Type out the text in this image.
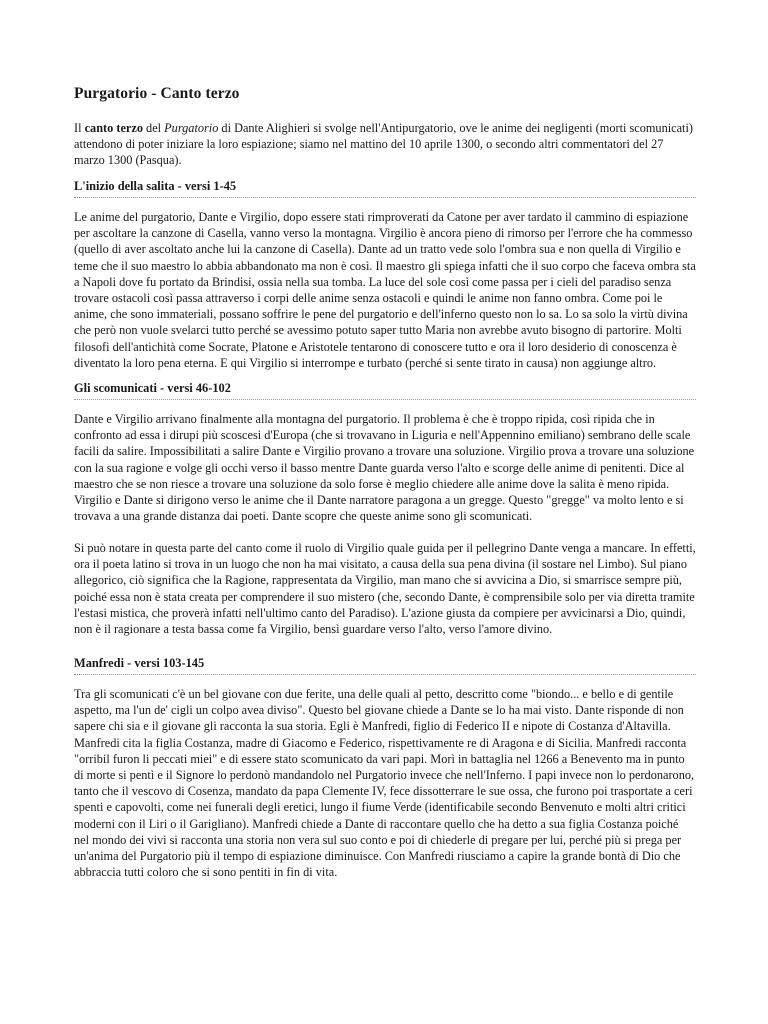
Purgatorio - Canto terzo

Il canto terzo del Purgatorio di Dante Alighieri si svolge nell'Antipurgatorio, ove le anime dei negligenti (morti scomunicati) attendono di poter iniziare la loro espiazione; siamo nel mattino del 10 aprile 1300, o secondo altri commentatori del 27 marzo 1300 (Pasqua).

L'inizio della salita - versi 1-45

Le anime del purgatorio, Dante e Virgilio, dopo essere stati rimproverati da Catone per aver tardato il cammino di espiazione per ascoltare la canzone di Casella, vanno verso la montagna. Virgilio è ancora pieno di rimorso per l'errore che ha commesso (quello di aver ascoltato anche lui la canzone di Casella). Dante ad un tratto vede solo l'ombra sua e non quella di Virgilio e teme che il suo maestro lo abbia abbandonato ma non è così. Il maestro gli spiega infatti che il suo corpo che faceva ombra sta a Napoli dove fu portato da Brindisi, ossia nella sua tomba. La luce del sole così come passa per i cieli del paradiso senza trovare ostacoli così passa attraverso i corpi delle anime senza ostacoli e quindi le anime non fanno ombra. Come poi le anime, che sono immateriali, possano soffrire le pene del purgatorio e dell'inferno questo non lo sa. Lo sa solo la virtù divina che però non vuole svelarci tutto perché se avessimo potuto saper tutto Maria non avrebbe avuto bisogno di partorire. Molti filosofi dell'antichità come Socrate, Platone e Aristotele tentarono di conoscere tutto e ora il loro desiderio di conoscenza è diventato la loro pena eterna. E qui Virgilio si interrompe e turbato (perché si sente tirato in causa) non aggiunge altro.

Gli scomunicati - versi 46-102

Dante e Virgilio arrivano finalmente alla montagna del purgatorio. Il problema è che è troppo ripida, così ripida che in confronto ad essa i dirupi più scoscesi d'Europa (che si trovavano in Liguria e nell'Appennino emiliano) sembrano delle scale facili da salire. Impossibilitati a salire Dante e Virgilio provano a trovare una soluzione. Virgilio prova a trovare una soluzione con la sua ragione e volge gli occhi verso il basso mentre Dante guarda verso l'alto e scorge delle anime di penitenti. Dice al maestro che se non riesce a trovare una soluzione da solo forse è meglio chiedere alle anime dove la salita è meno ripida. Virgilio e Dante si dirigono verso le anime che il Dante narratore paragona a un gregge. Questo "gregge" va molto lento e si trovava a una grande distanza dai poeti. Dante scopre che queste anime sono gli scomunicati.

Si può notare in questa parte del canto come il ruolo di Virgilio quale guida per il pellegrino Dante venga a mancare. In effetti, ora il poeta latino si trova in un luogo che non ha mai visitato, a causa della sua pena divina (il sostare nel Limbo). Sul piano allegorico, ciò significa che la Ragione, rappresentata da Virgilio, man mano che si avvicina a Dio, si smarrisce sempre più, poiché essa non è stata creata per comprendere il suo mistero (che, secondo Dante, è comprensibile solo per via diretta tramite l'estasi mistica, che proverà infatti nell'ultimo canto del Paradiso). L'azione giusta da compiere per avvicinarsi a Dio, quindi, non è il ragionare a testa bassa come fa Virgilio, bensì guardare verso l'alto, verso l'amore divino.

Manfredi - versi 103-145

Tra gli scomunicati c'è un bel giovane con due ferite, una delle quali al petto, descritto come "biondo... e bello e di gentile aspetto, ma l'un de' cigli un colpo avea diviso". Questo bel giovane chiede a Dante se lo ha mai visto. Dante risponde di non sapere chi sia e il giovane gli racconta la sua storia. Egli è Manfredi, figlio di Federico II e nipote di Costanza d'Altavilla. Manfredi cita la figlia Costanza, madre di Giacomo e Federico, rispettivamente re di Aragona e di Sicilia. Manfredi racconta "orribil furon li peccati miei" e di essere stato scomunicato da vari papi. Morì in battaglia nel 1266 a Benevento ma in punto di morte si pentì e il Signore lo perdonò mandandolo nel Purgatorio invece che nell'Inferno. I papi invece non lo perdonarono, tanto che il vescovo di Cosenza, mandato da papa Clemente IV, fece dissotterrare le sue ossa, che furono poi trasportate a ceri spenti e capovolti, come nei funerali degli eretici, lungo il fiume Verde (identificabile secondo Benvenuto e molti altri critici moderni con il Liri o il Garigliano). Manfredi chiede a Dante di raccontare quello che ha detto a sua figlia Costanza poiché nel mondo dei vivi si racconta una storia non vera sul suo conto e poi di chiederle di pregare per lui, perché più si prega per un'anima del Purgatorio più il tempo di espiazione diminuisce. Con Manfredi riusciamo a capire la grande bontà di Dio che abbraccia tutti coloro che si sono pentiti in fin di vita.
